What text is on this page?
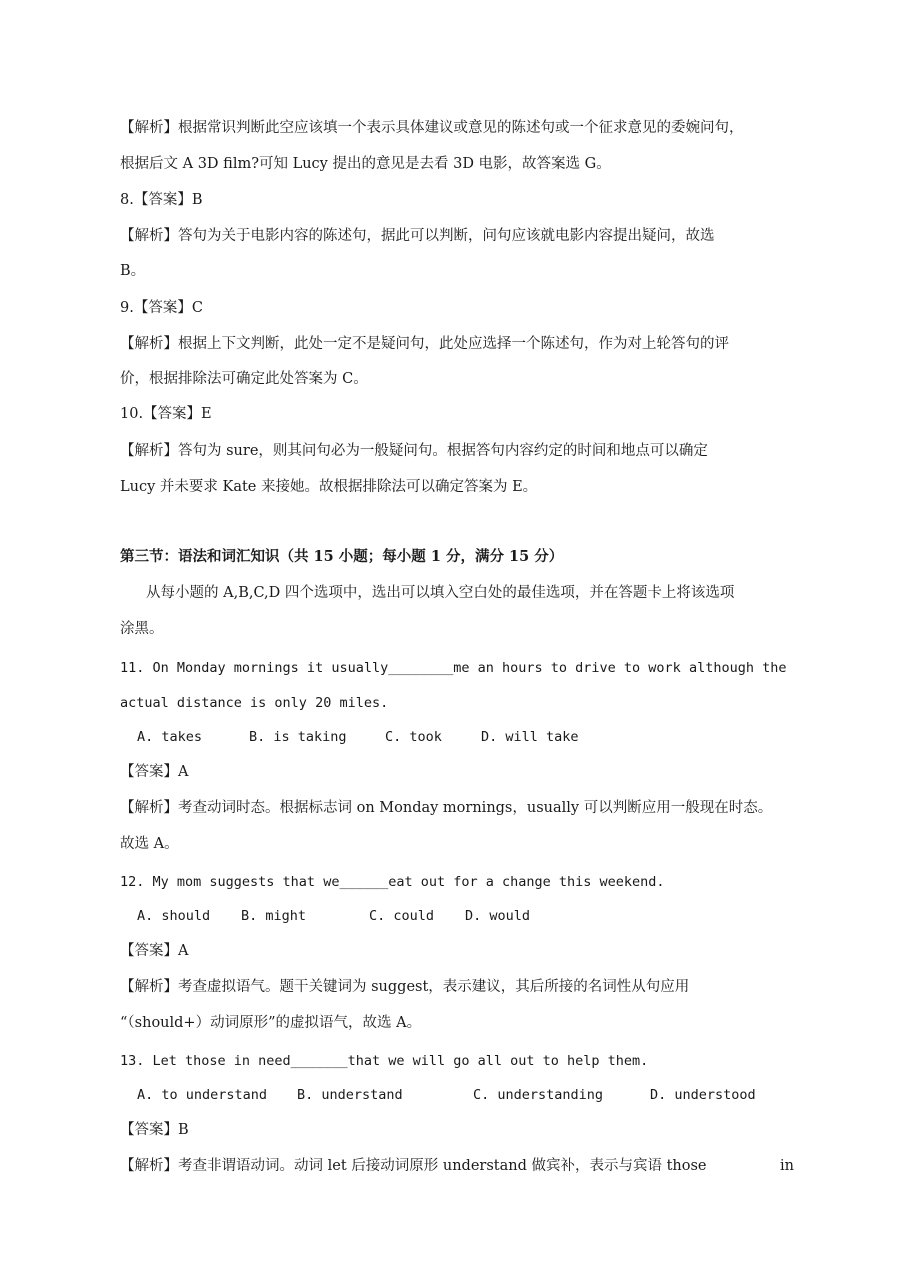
【解析】根据常识判断此空应该填一个表示具体建议或意见的陈述句或一个征求意见的委婉问句，
根据后文 A 3D film?可知 Lucy 提出的意见是去看 3D 电影，故答案选 G。
8.【答案】B
【解析】答句为关于电影内容的陈述句，据此可以判断，问句应该就电影内容提出疑问，故选
B。
9.【答案】C
【解析】根据上下文判断，此处一定不是疑问句，此处应选择一个陈述句，作为对上轮答句的评
价，根据排除法可确定此处答案为 C。
10.【答案】E
【解析】答句为 sure，则其问句必为一般疑问句。根据答句内容约定的时间和地点可以确定
Lucy 并未要求 Kate 来接她。故根据排除法可以确定答案为 E。
第三节：语法和词汇知识（共 15 小题；每小题 1 分，满分 15 分）
从每小题的 A,B,C,D 四个选项中，选出可以填入空白处的最佳选项，并在答题卡上将该选项
涂黑。
11. On Monday mornings it usually________me an hours to drive to work although the
actual distance is only 20 miles.
A. takes	B. is taking	C. took	D. will take
【答案】A
【解析】考查动词时态。根据标志词 on Monday mornings，usually 可以判断应用一般现在时态。
故选 A。
12. My mom suggests that we______eat out for a change this weekend.
A. should B. might	C. could D. would
【答案】A
【解析】考查虚拟语气。题干关键词为 suggest，表示建议，其后所接的名词性从句应用
“（should+）动词原形”的虚拟语气，故选 A。
13. Let those in need_______that we will go all out to help them.
A. to understand B. understand	C. understanding	D. understood
【答案】B
【解析】考查非谓语动词。动词 let 后接动词原形 understand 做宾补，表示与宾语 those	in
